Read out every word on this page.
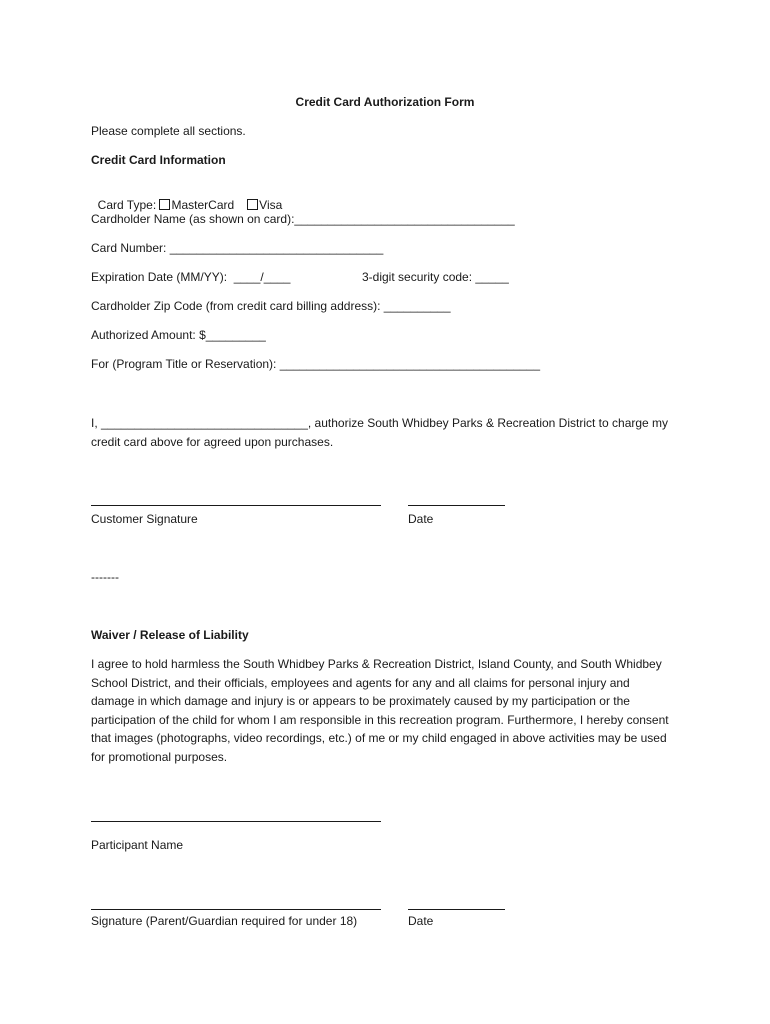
Credit Card Authorization Form
Please complete all sections.
Credit Card Information

Card Type: MasterCard Visa

Cardholder Name (as shown on card):_________________________________
Card Number: ________________________________
Expiration Date (MM/YY):  ____/____	3-digit security code: _____
Cardholder Zip Code (from credit card billing address): __________
Authorized Amount: $_________
For (Program Title or Reservation): _______________________________________
I, _______________________________, authorize South Whidbey Parks & Recreation District to charge my credit card above for agreed upon purchases.
Customer Signature	Date
-------
Waiver / Release of Liability
I agree to hold harmless the South Whidbey Parks & Recreation District, Island County, and South Whidbey School District, and their officials, employees and agents for any and all claims for personal injury and damage in which damage and injury is or appears to be proximately caused by my participation or the participation of the child for whom I am responsible in this recreation program. Furthermore, I hereby consent that images (photographs, video recordings, etc.) of me or my child engaged in above activities may be used for promotional purposes.
Participant Name
Signature (Parent/Guardian required for under 18)	Date
